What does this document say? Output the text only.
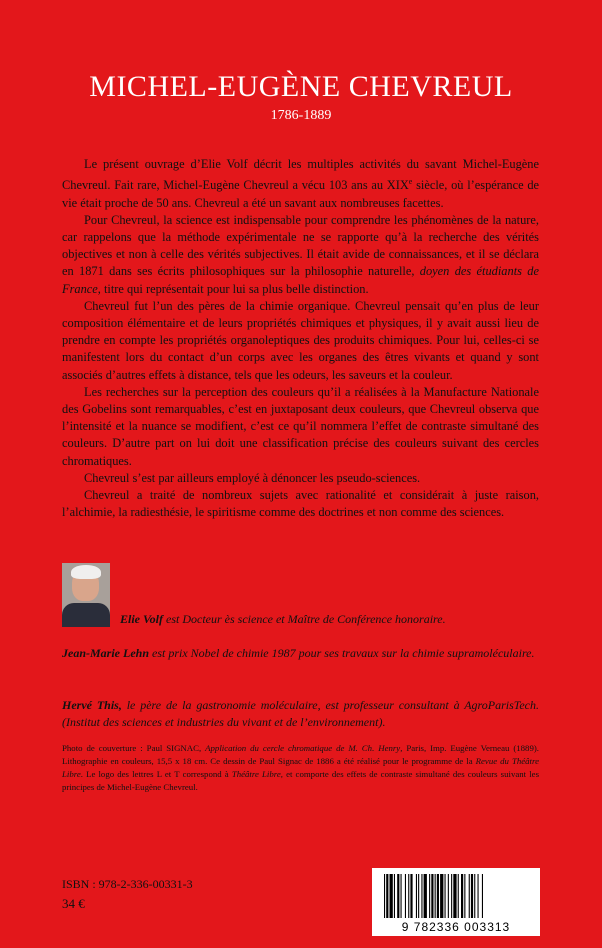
MICHEL-EUGÈNE CHEVREUL
1786-1889

Le présent ouvrage d’Elie Volf décrit les multiples activités du savant Michel-Eugène Chevreul. Fait rare, Michel-Eugène Chevreul a vécu 103 ans au XIXe siècle, où l’espérance de vie était proche de 50 ans. Chevreul a été un savant aux nombreuses facettes.

Pour Chevreul, la science est indispensable pour comprendre les phénomènes de la nature, car rappelons que la méthode expérimentale ne se rapporte qu’à la recherche des vérités objectives et non à celle des vérités subjectives. Il était avide de connaissances, et il se déclara en 1871 dans ses écrits philosophiques sur la philosophie naturelle, doyen des étudiants de France, titre qui représentait pour lui sa plus belle distinction.

Chevreul fut l’un des pères de la chimie organique. Chevreul pensait qu’en plus de leur composition élémentaire et de leurs propriétés chimiques et physiques, il y avait aussi lieu de prendre en compte les propriétés organoleptiques des produits chimiques. Pour lui, celles-ci se manifestent lors du contact d’un corps avec les organes des êtres vivants et quand y sont associés d’autres effets à distance, tels que les odeurs, les saveurs et la couleur.

Les recherches sur la perception des couleurs qu’il a réalisées à la Manufacture Nationale des Gobelins sont remarquables, c’est en juxtaposant deux couleurs, que Chevreul observa que l’intensité et la nuance se modifient, c’est ce qu’il nommera l’effet de contraste simultané des couleurs. D’autre part on lui doit une classification précise des couleurs suivant des cercles chromatiques.

Chevreul s’est par ailleurs employé à dénoncer les pseudo-sciences.

Chevreul a traité de nombreux sujets avec rationalité et considérait à juste raison, l’alchimie, la radiesthésie, le spiritisme comme des doctrines et non comme des sciences.

Elie Volf est Docteur ès science et Maître de Conférence honoraire.
Jean-Marie Lehn est prix Nobel de chimie 1987 pour ses travaux sur la chimie supramoléculaire.
Hervé This, le père de la gastronomie moléculaire, est professeur consultant à AgroParisTech. (Institut des sciences et industries du vivant et de l’environnement).
Photo de couverture : Paul SIGNAC, Application du cercle chromatique de M. Ch. Henry, Paris, Imp. Eugène Verneau (1889). Lithographie en couleurs, 15,5 x 18 cm. Ce dessin de Paul Signac de 1886 a été réalisé pour le programme de la Revue du Théâtre Libre. Le logo des lettres L et T correspond à Théâtre Libre, et comporte des effets de contraste simultané des couleurs suivant les principes de Michel-Eugène Chevreul.
ISBN : 978-2-336-00331-3
34 €
9 782336 003313
